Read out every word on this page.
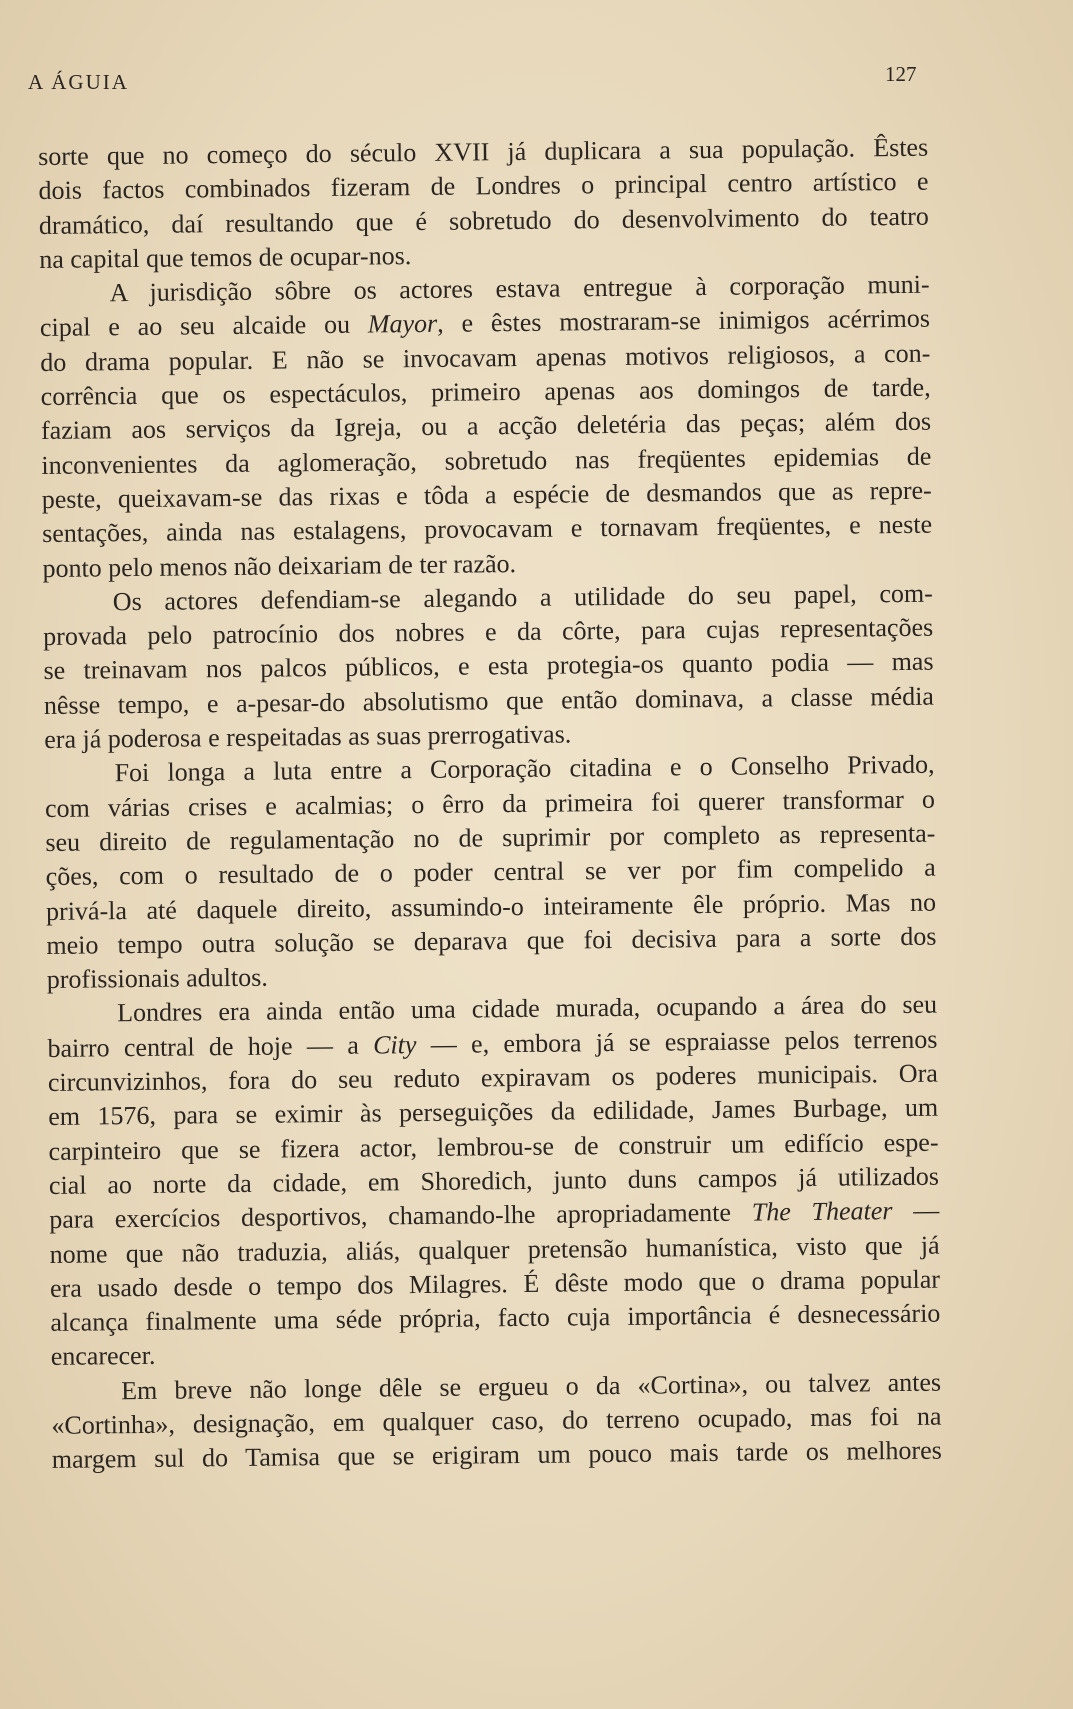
A ÁGUIA	127
sorte que no começo do século XVII já duplicara a sua população. Êstes
dois factos combinados fizeram de Londres o principal centro artístico e
dramático, daí resultando que é sobretudo do desenvolvimento do teatro
na capital que temos de ocupar-nos.
A jurisdição sôbre os actores estava entregue à corporação muni-
cipal e ao seu alcaide ou Mayor, e êstes mostraram-se inimigos acérrimos
do drama popular. E não se invocavam apenas motivos religiosos, a con-
corrência que os espectáculos, primeiro apenas aos domingos de tarde,
faziam aos serviços da Igreja, ou a acção deletéria das peças; além dos
inconvenientes da aglomeração, sobretudo nas freqüentes epidemias de
peste, queixavam-se das rixas e tôda a espécie de desmandos que as repre-
sentações, ainda nas estalagens, provocavam e tornavam freqüentes, e neste
ponto pelo menos não deixariam de ter razão.
Os actores defendiam-se alegando a utilidade do seu papel, com-
provada pelo patrocínio dos nobres e da côrte, para cujas representações
se treinavam nos palcos públicos, e esta protegia-os quanto podia — mas
nêsse tempo, e a-pesar-do absolutismo que então dominava, a classe média
era já poderosa e respeitadas as suas prerrogativas.
Foi longa a luta entre a Corporação citadina e o Conselho Privado,
com várias crises e acalmias; o êrro da primeira foi querer transformar o
seu direito de regulamentação no de suprimir por completo as representa-
ções, com o resultado de o poder central se ver por fim compelido a
privá-la até daquele direito, assumindo-o inteiramente êle próprio. Mas no
meio tempo outra solução se deparava que foi decisiva para a sorte dos
profissionais adultos.
Londres era ainda então uma cidade murada, ocupando a área do seu
bairro central de hoje — a City — e, embora já se espraiasse pelos terrenos
circunvizinhos, fora do seu reduto expiravam os poderes municipais. Ora
em 1576, para se eximir às perseguições da edilidade, James Burbage, um
carpinteiro que se fizera actor, lembrou-se de construir um edifício espe-
cial ao norte da cidade, em Shoredich, junto duns campos já utilizados
para exercícios desportivos, chamando-lhe apropriadamente The Theater —
nome que não traduzia, aliás, qualquer pretensão humanística, visto que já
era usado desde o tempo dos Milagres. É dêste modo que o drama popular
alcança finalmente uma séde própria, facto cuja importância é desnecessário
encarecer.
Em breve não longe dêle se ergueu o da «Cortina», ou talvez antes
«Cortinha», designação, em qualquer caso, do terreno ocupado, mas foi na
margem sul do Tamisa que se erigiram um pouco mais tarde os melhores
